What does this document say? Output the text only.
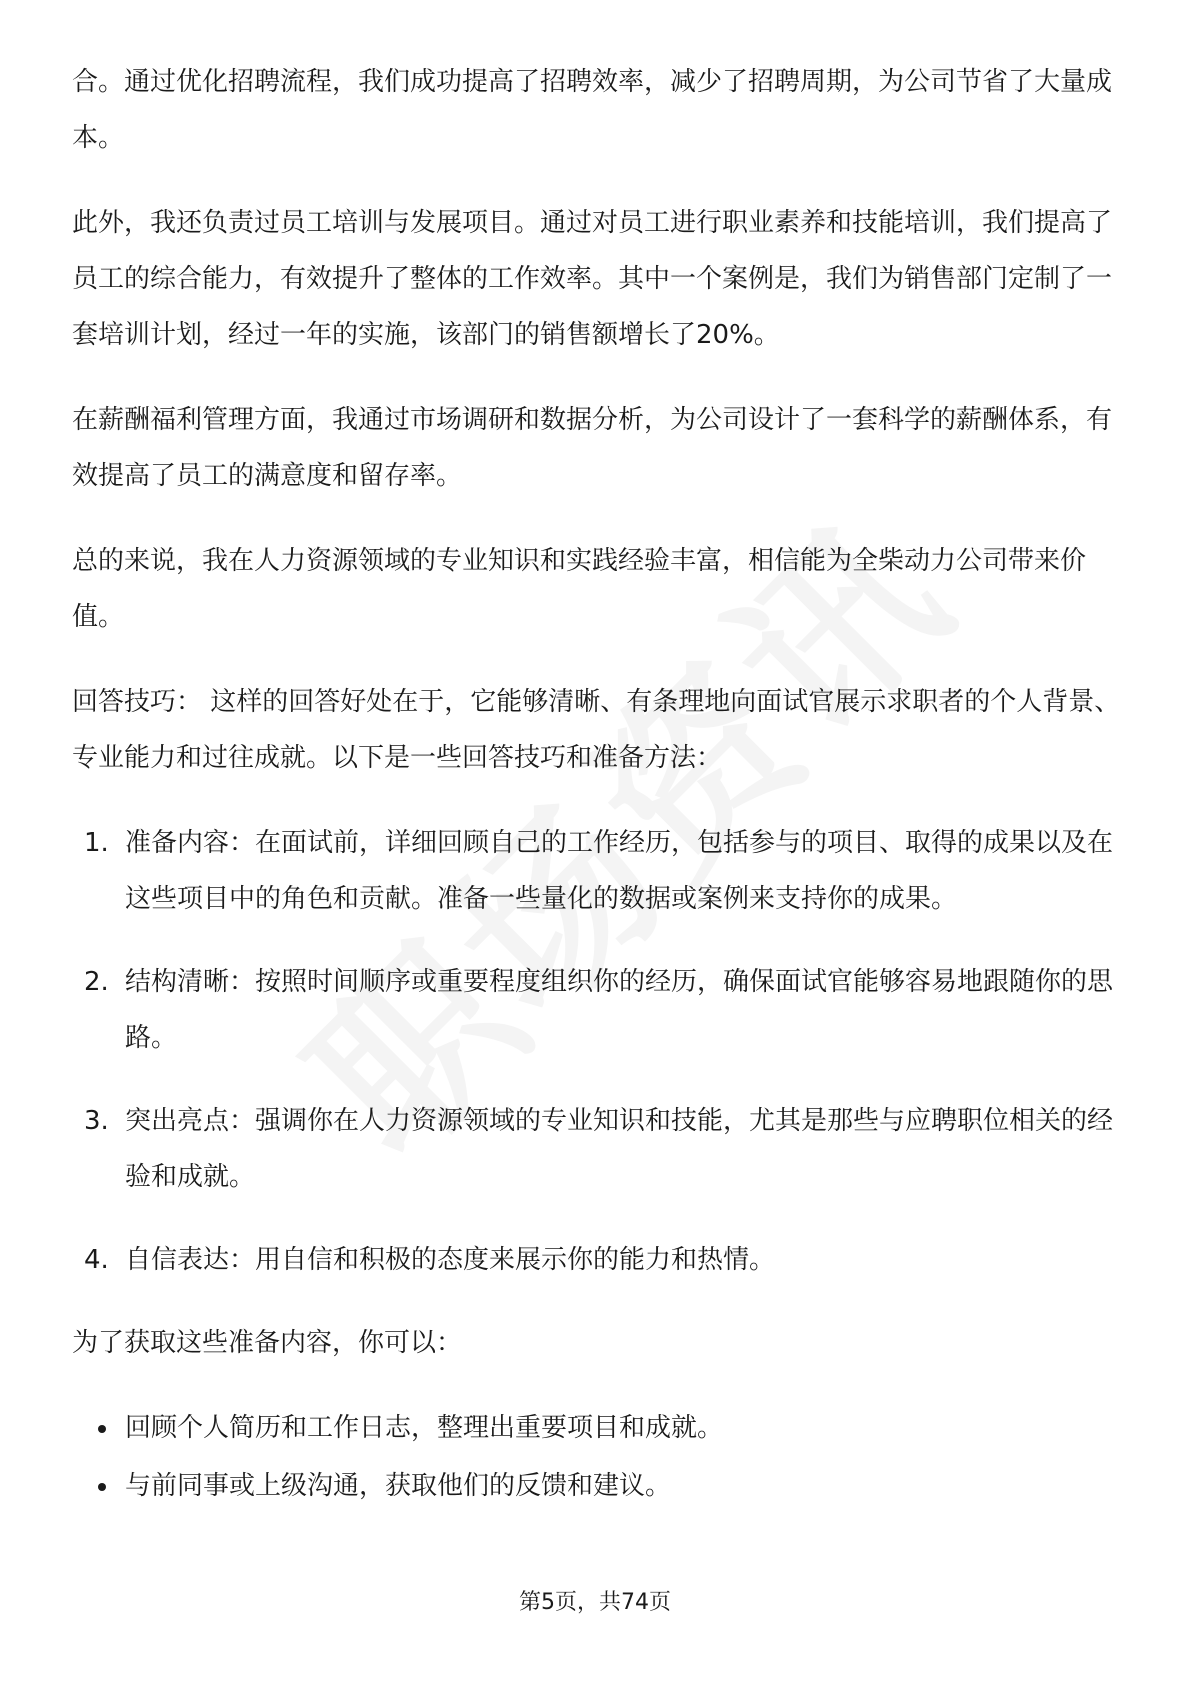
合。通过优化招聘流程，我们成功提高了招聘效率，减少了招聘周期，为公司节省了大量成本。

此外，我还负责过员工培训与发展项目。通过对员工进行职业素养和技能培训，我们提高了员工的综合能力，有效提升了整体的工作效率。其中一个案例是，我们为销售部门定制了一套培训计划，经过一年的实施，该部门的销售额增长了20%。

在薪酬福利管理方面，我通过市场调研和数据分析，为公司设计了一套科学的薪酬体系，有效提高了员工的满意度和留存率。

总的来说，我在人力资源领域的专业知识和实践经验丰富，相信能为全柴动力公司带来价值。

回答技巧： 这样的回答好处在于，它能够清晰、有条理地向面试官展示求职者的个人背景、专业能力和过往成就。以下是一些回答技巧和准备方法：

1. 准备内容：在面试前，详细回顾自己的工作经历，包括参与的项目、取得的成果以及在这些项目中的角色和贡献。准备一些量化的数据或案例来支持你的成果。
2. 结构清晰：按照时间顺序或重要程度组织你的经历，确保面试官能够容易地跟随你的思路。
3. 突出亮点：强调你在人力资源领域的专业知识和技能，尤其是那些与应聘职位相关的经验和成就。
4. 自信表达：用自信和积极的态度来展示你的能力和热情。

为了获取这些准备内容，你可以：

回顾个人简历和工作日志，整理出重要项目和成就。
与前同事或上级沟通，获取他们的反馈和建议。
第5页，共74页
